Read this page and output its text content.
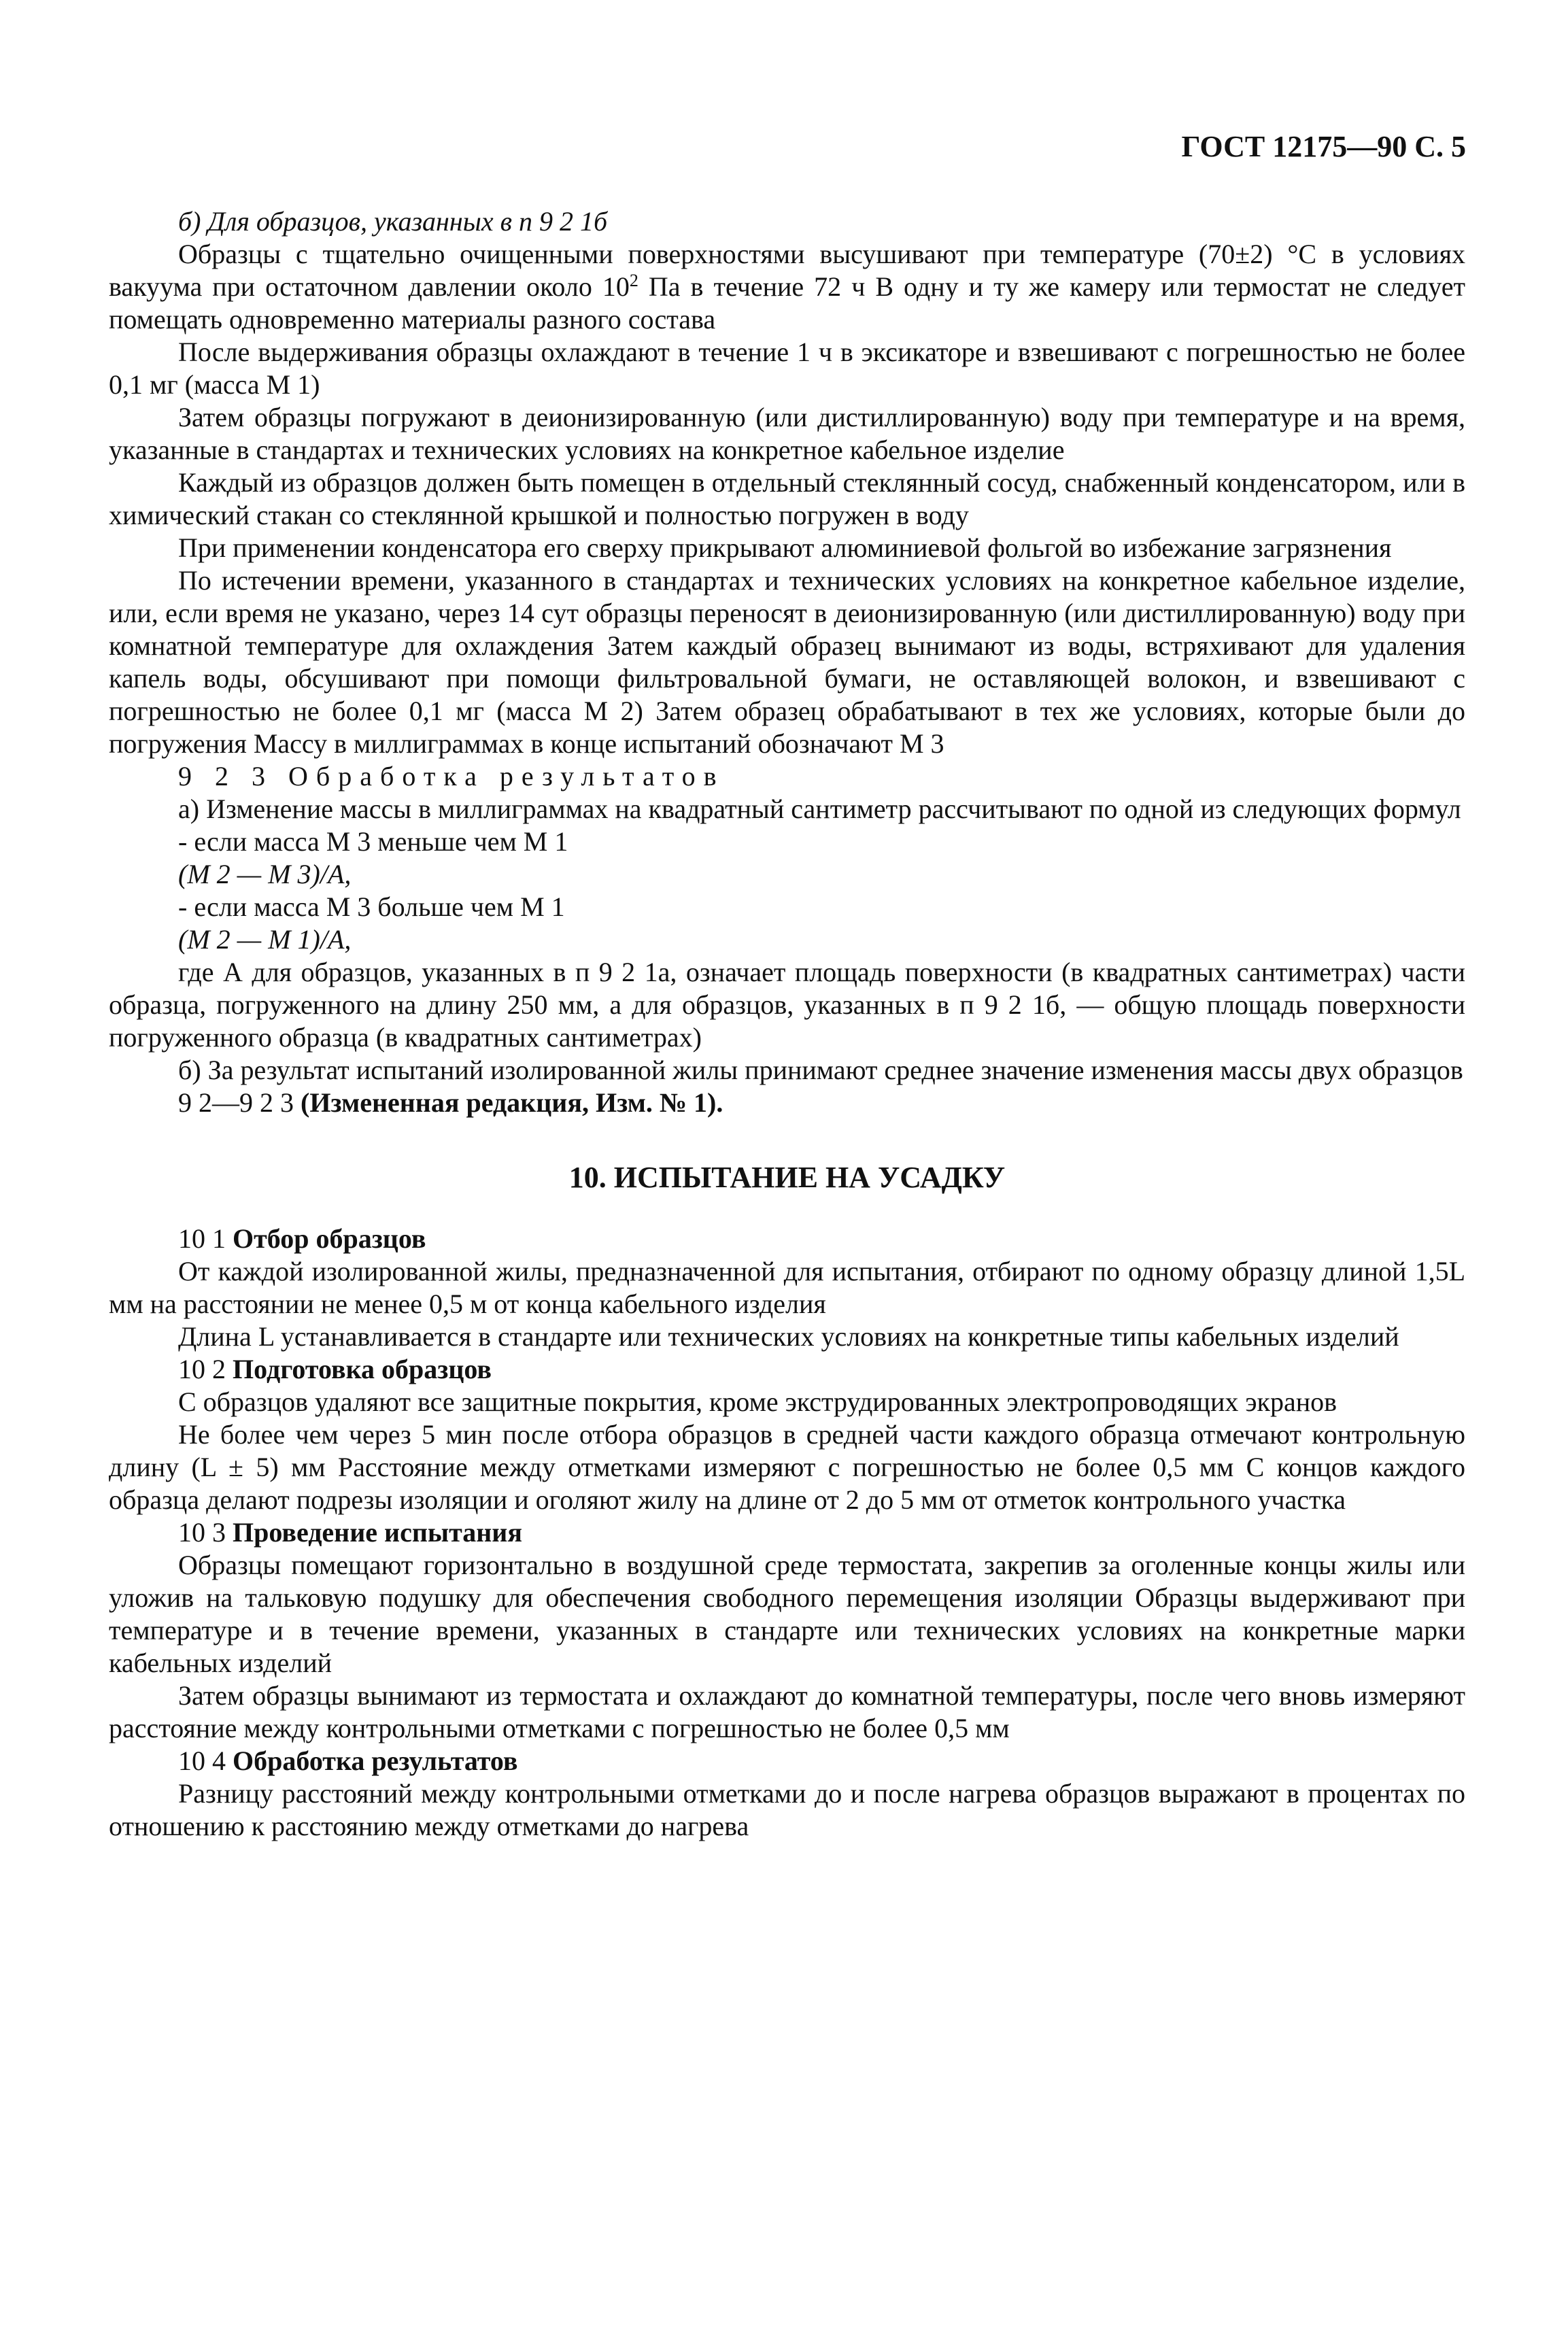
ГОСТ 12175—90 С. 5

б) Для образцов, указанных в п 9 2 1б

Образцы с тщательно очищенными поверхностями высушивают при температуре (70±2) °С в условиях вакуума при остаточном давлении около $10^2$ Па в течение 72 ч В одну и ту же камеру или термостат не следует помещать одновременно материалы разного состава

После выдерживания образцы охлаждают в течение 1 ч в эксикаторе и взвешивают с погрешностью не более 0,1 мг (масса М 1)

Затем образцы погружают в деионизированную (или дистиллированную) воду при температуре и на время, указанные в стандартах и технических условиях на конкретное кабельное изделие

Каждый из образцов должен быть помещен в отдельный стеклянный сосуд, снабженный конденсатором, или в химический стакан со стеклянной крышкой и полностью погружен в воду

При применении конденсатора его сверху прикрывают алюминиевой фольгой во избежание загрязнения

По истечении времени, указанного в стандартах и технических условиях на конкретное кабельное изделие, или, если время не указано, через 14 сут образцы переносят в деионизированную (или дистиллированную) воду при комнатной температуре для охлаждения Затем каждый образец вынимают из воды, встряхивают для удаления капель воды, обсушивают при помощи фильтровальной бумаги, не оставляющей волокон, и взвешивают с погрешностью не более 0,1 мг (масса М 2) Затем образец обрабатывают в тех же условиях, которые были до погружения Массу в миллиграммах в конце испытаний обозначают М 3

9 2 3 Обработка результатов

а) Изменение массы в миллиграммах на квадратный сантиметр рассчитывают по одной из следующих формул

- если масса М 3 меньше чем М 1

(М 2 — М 3)/А,

- если масса М 3 больше чем М 1

(М 2 — М 1)/А,

где А для образцов, указанных в п 9 2 1а, означает площадь поверхности (в квадратных сантиметрах) части образца, погруженного на длину 250 мм, а для образцов, указанных в п 9 2 1б, — общую площадь поверхности погруженного образца (в квадратных сантиметрах)

б) За результат испытаний изолированной жилы принимают среднее значение изменения массы двух образцов

9 2—9 2 3 (Измененная редакция, Изм. № 1).

10. ИСПЫТАНИЕ НА УСАДКУ

10 1 Отбор образцов

От каждой изолированной жилы, предназначенной для испытания, отбирают по одному образцу длиной 1,5L мм на расстоянии не менее 0,5 м от конца кабельного изделия

Длина L устанавливается в стандарте или технических условиях на конкретные типы кабельных изделий

10 2 Подготовка образцов

С образцов удаляют все защитные покрытия, кроме экструдированных электропроводящих экранов

Не более чем через 5 мин после отбора образцов в средней части каждого образца отмечают контрольную длину (L ± 5) мм Расстояние между отметками измеряют с погрешностью не более 0,5 мм С концов каждого образца делают подрезы изоляции и оголяют жилу на длине от 2 до 5 мм от отметок контрольного участка

10 3 Проведение испытания

Образцы помещают горизонтально в воздушной среде термостата, закрепив за оголенные концы жилы или уложив на тальковую подушку для обеспечения свободного перемещения изоляции Образцы выдерживают при температуре и в течение времени, указанных в стандарте или технических условиях на конкретные марки кабельных изделий

Затем образцы вынимают из термостата и охлаждают до комнатной температуры, после чего вновь измеряют расстояние между контрольными отметками с погрешностью не более 0,5 мм

10 4 Обработка результатов

Разницу расстояний между контрольными отметками до и после нагрева образцов выражают в процентах по отношению к расстоянию между отметками до нагрева
